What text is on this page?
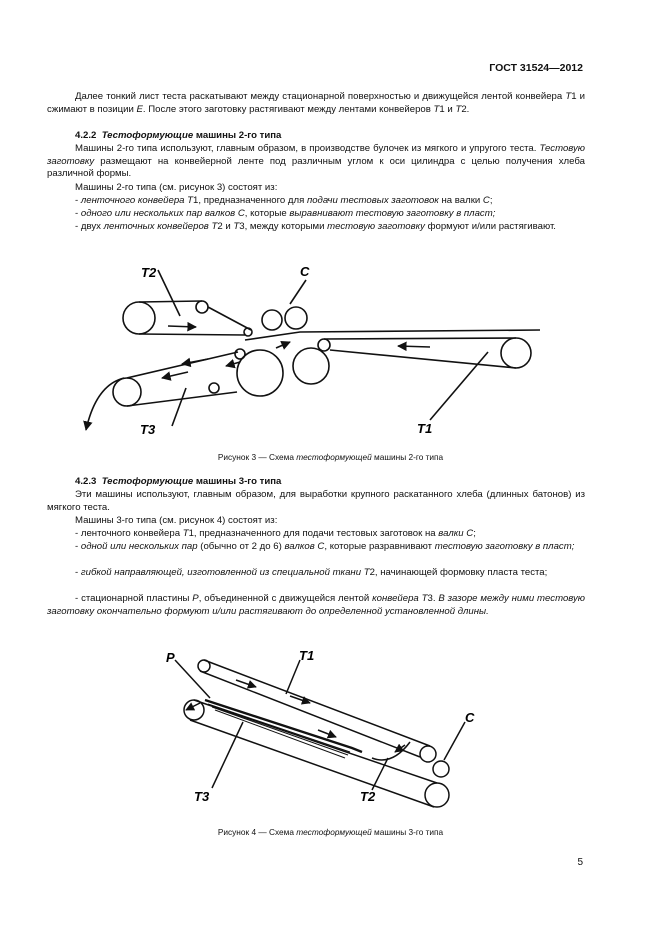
ГОСТ 31524—2012

Далее тонкий лист теста раскатывают между стационарной поверхностью и движущейся лентой конвейера Т1 и сжимают в позиции E. После этого заготовку растягивают между лентами конвейеров Т1 и Т2.

4.2.2 Тестоформующие машины 2-го типа

Машины 2-го типа используют, главным образом, в производстве булочек из мягкого и упругого теста. Тестовую заготовку размещают на конвейерной ленте под различным углом к оси цилиндра с целью получения хлеба различной формы.

Машины 2-го типа (см. рисунок 3) состоят из:

- ленточного конвейера Т1, предназначенного для подачи тестовых заготовок на валки С;

- одного или нескольких пар валков С, которые выравнивают тестовую заготовку в пласт;

- двух ленточных конвейеров Т2 и Т3, между которыми тестовую заготовку формуют и/или растягивают.

Т2	С
Т3	Т1
Рисунок 3 — Схема тестоформующей машины 2-го типа

4.2.3 Тестоформующие машины 3-го типа

Эти машины используют, главным образом, для выработки крупного раскатанного хлеба (длинных батонов) из мягкого теста.

Машины 3-го типа (см. рисунок 4) состоят из:

- ленточного конвейера Т1, предназначенного для подачи тестовых заготовок на валки С;

- одной или нескольких пар (обычно от 2 до 6) валков С, которые разравнивают тестовую заготовку в пласт;

- гибкой направляющей, изготовленной из специальной ткани Т2, начинающей формовку пласта теста;

- стационарной пластины Р, объединенной с движущейся лентой конвейера Т3. В зазоре между ними тестовую заготовку окончательно формуют и/или растягивают до определенной установленной длины.

P	T1
C
T3	T2
Рисунок 4 — Схема тестоформующей машины 3-го типа
5
